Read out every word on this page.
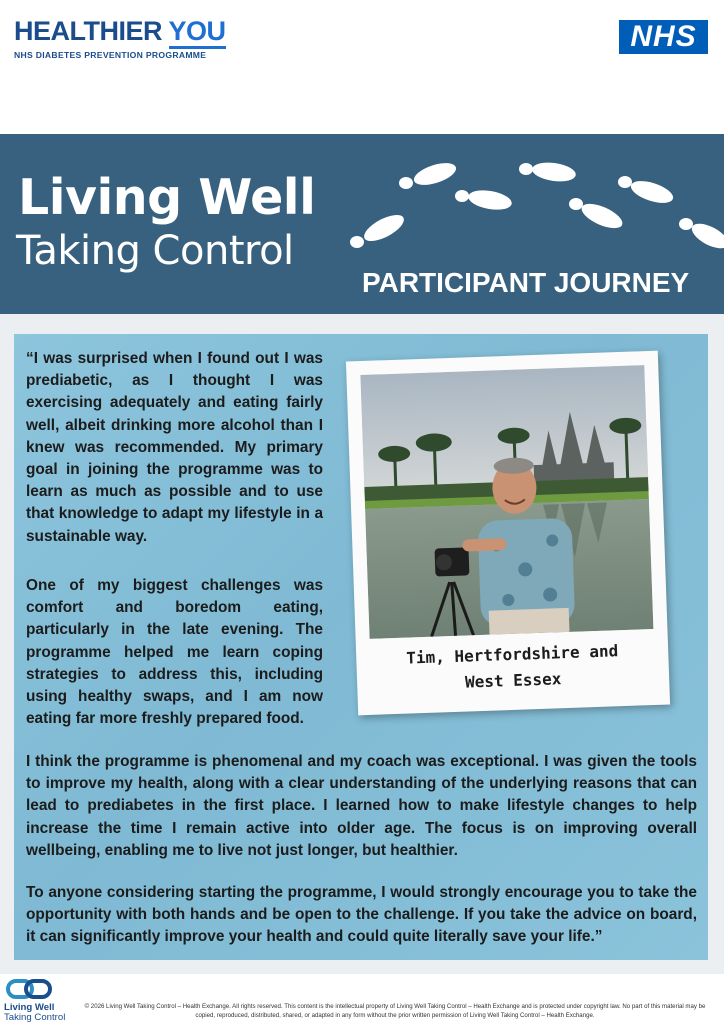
HEALTHIER YOU
NHS DIABETES PREVENTION PROGRAMME
NHS
Living Well
Taking Control
PARTICIPANT JOURNEY

“I was surprised when I found out I was prediabetic, as I thought I was exercising adequately and eating fairly well, albeit drinking more alcohol than I knew was recommended. My primary goal in joining the programme was to learn as much as possible and to use that knowledge to adapt my lifestyle in a sustainable way.

One of my biggest challenges was comfort and boredom eating, particularly in the late evening. The programme helped me learn coping strategies to address this, including using healthy swaps, and I am now eating far more freshly prepared food.

I think the programme is phenomenal and my coach was exceptional. I was given the tools to improve my health, along with a clear understanding of the underlying reasons that can lead to prediabetes in the first place. I learned how to make lifestyle changes to help increase the time I remain active into older age. The focus is on improving overall wellbeing, enabling me to live not just longer, but healthier.

To anyone considering starting the programme, I would strongly encourage you to take the opportunity with both hands and be open to the challenge. If you take the advice on board, it can significantly improve your health and could quite literally save your life.”

Tim, Hertfordshire and
West Essex
Living Well
Taking Control
© 2026 Living Well Taking Control – Health Exchange. All rights reserved. This content is the intellectual property of Living Well Taking Control – Health Exchange and is protected under copyright law. No part of this material may be copied, reproduced, distributed, shared, or adapted in any form without the prior written permission of Living Well Taking Control – Health Exchange.
